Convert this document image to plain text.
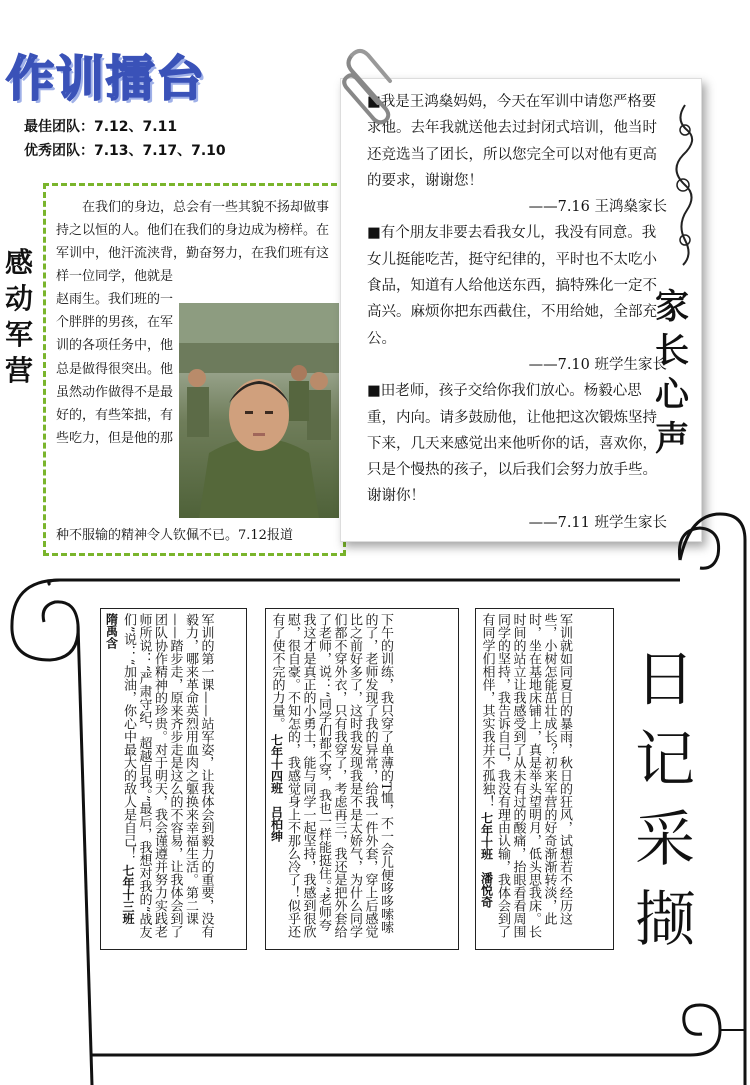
作训擂台
最佳团队：7.12、7.11
优秀团队：7.13、7.17、7.10
感动军营

在我们的身边，总会有一些其貌不扬却做事持之以恒的人。他们在我们的身边成为榜样。在军训中，他汗流浃背，勤奋努力，在我们班有这样一位同学，他就是

赵雨生。我们班的一个胖胖的男孩，在军训的各项任务中，他总是做得很突出。他虽然动作做得不是最好的，有些笨拙，有些吃力，但是他的那
种不服输的精神令人钦佩不已。7.12报道
■我是王鸿燊妈妈，今天在军训中请您严格要求他。去年我就送他去过封闭式培训，他当时还竞选当了团长，所以您完全可以对他有更高的要求，谢谢您！
——7.16 王鸿燊家长
■有个朋友非要去看我女儿，我没有同意。我女儿挺能吃苦，挺守纪律的，平时也不太吃小食品，知道有人给他送东西，搞特殊化一定不高兴。麻烦你把东西截住，不用给她，全部充公。
——7.10 班学生家长
■田老师，孩子交给你我们放心。杨毅心思重，内向。请多鼓励他，让他把这次锻炼坚持下来，几天来感觉出来他听你的话，喜欢你，只是个慢热的孩子，以后我们会努力放手些。谢谢你！
——7.11 班学生家长
家长心声
军训就如同夏日的暴雨，秋日的狂风，试想若不经历这些，小树怎能茁壮成长？初来军营的好奇渐渐转淡，此时，坐在基地床铺上，真是举头望明月，低头思我床。长时间的站立让我感受到了从未有过的酸痛，抬眼看看周围同学的坚持，我告诉自己，我没有理由认输，我体会到了有同学们相伴，其实我并不孤独！ 七年十班　潘悦奇
下午的训练，我只穿了单薄的T恤，不一会儿便哆哆嗦嗦的了，老师发现了我的异常，给我一件外套，穿上后感觉比之前好多了，这时我发现我是不是太娇气，为什么同学们都不穿外衣，只有我穿了，考虑再三，我还是把外套给了老师，说：“同学们都不穿，我也一样能挺住。”老师夸我这才是真正的小勇士，能与同学一起坚持，我感到很欣慰，很自豪。不知怎的，我感觉身上不那么冷了！似乎还有了使不完的力量。 七年十四班　吕柏绅
军训的第一课——站军姿，让我体会到毅力的重要，没有毅力，哪来革命英烈用血肉之躯换来幸福生活。第二课——踏步走，原来齐步走是这么的不容易，让我体会到了团队协作精神的珍贵。对于明天，我会谨遵并努力实践老师所说：“严肃守纪，超越自我。”最后，我想对我的“战友们”说：“加油，你心中最大的敌人是自己！ 七年十三班　隋禹含
日记采撷
